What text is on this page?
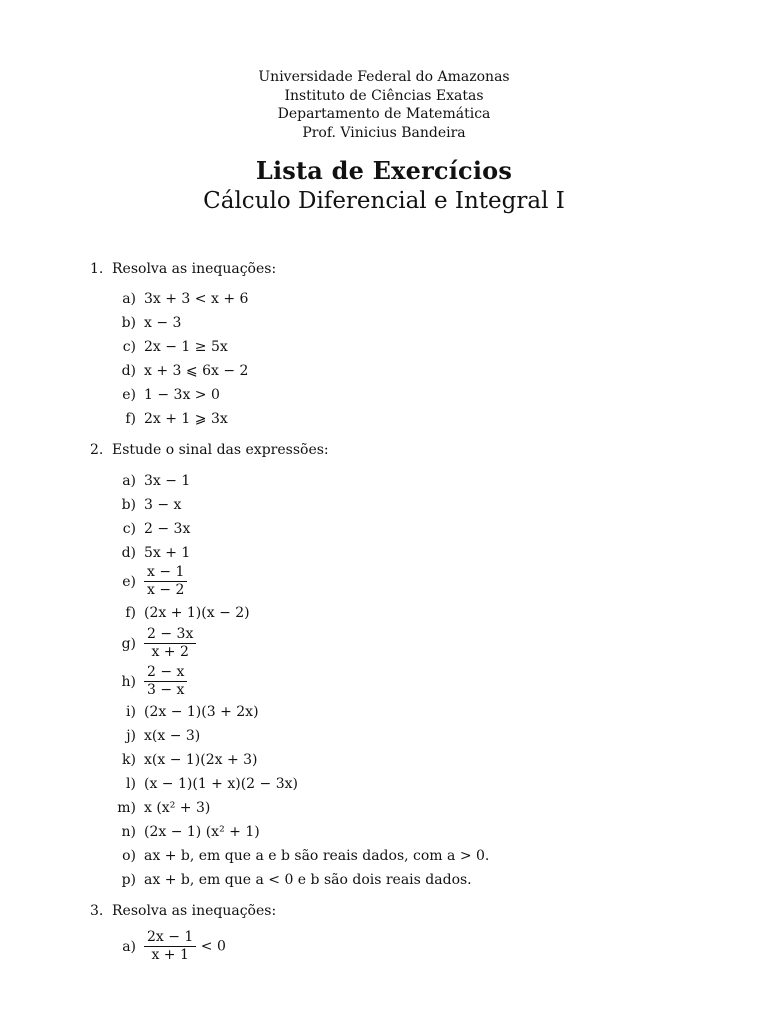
Universidade Federal do Amazonas
Instituto de Ciências Exatas
Departamento de Matemática
Prof. Vinicius Bandeira
Lista de Exercícios
Cálculo Diferencial e Integral I
1. Resolva as inequações:
a) 3x + 3 < x + 6
b) x − 3
c) 2x − 1 ≥ 5x
d) x + 3 ⩽ 6x − 2
e) 1 − 3x > 0
f) 2x + 1 ⩾ 3x
2. Estude o sinal das expressões:
a) 3x − 1
b) 3 − x
c) 2 − 3x
d) 5x + 1
$e) \frac{x - 1}{x - 2}$
f) (2x + 1)(x − 2)
$g) \frac{2 - 3x}{x + 2}$
$h) \frac{2 - x}{3 - x}$
i) (2x − 1)(3 + 2x)
j) x(x − 3)
k) x(x − 1)(2x + 3)
l) (x − 1)(1 + x)(2 − 3x)
m) x (x² + 3)
n) (2x − 1) (x² + 1)
o) ax + b, em que a e b são reais dados, com a > 0.
p) ax + b, em que a < 0 e b são dois reais dados.
3. Resolva as inequações:
$a) \frac{2x - 1}{x + 1} < 0$
